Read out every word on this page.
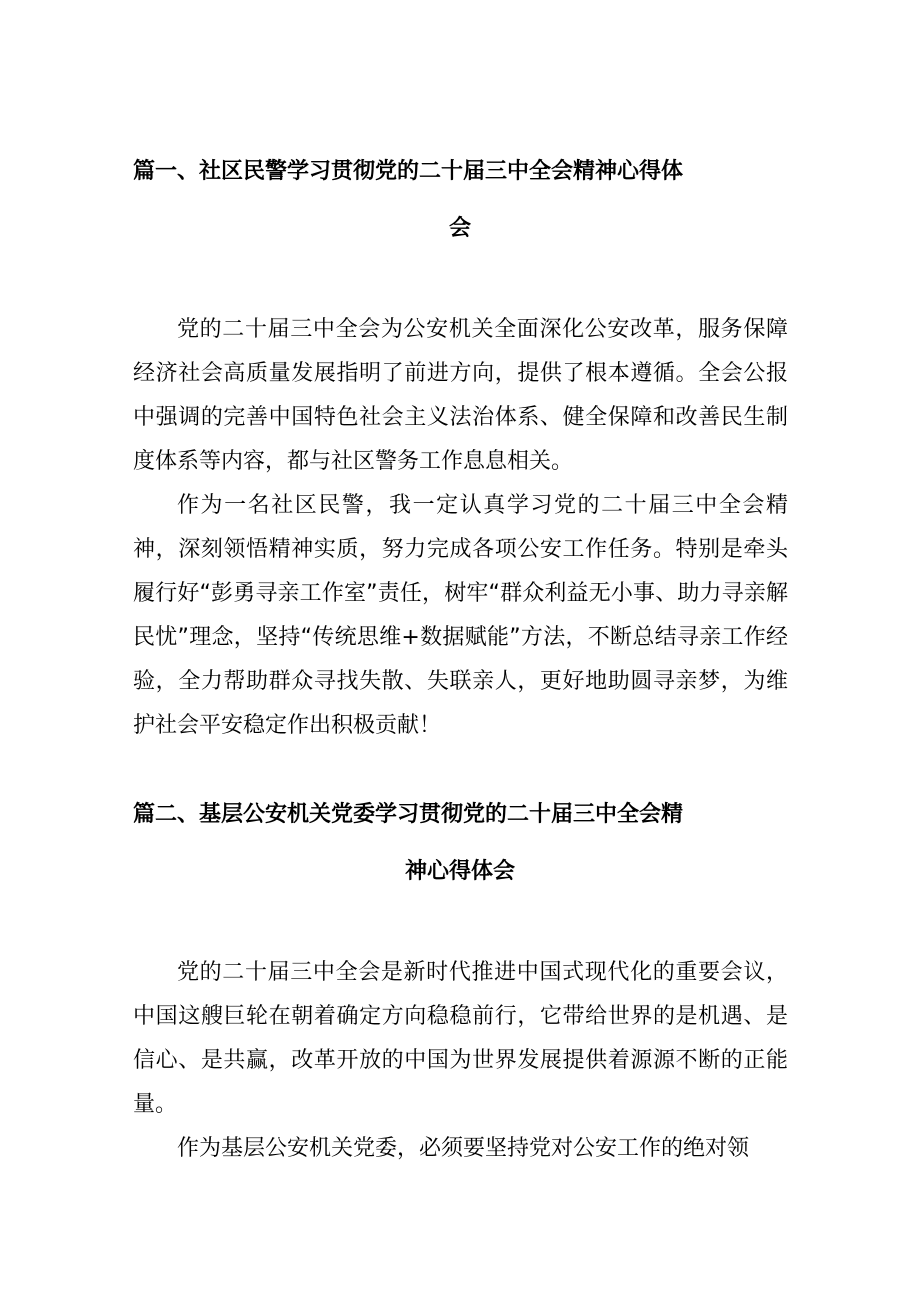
篇一、社区民警学习贯彻党的二十届三中全会精神心得体
会

党的二十届三中全会为公安机关全面深化公安改革，服务保障经济社会高质量发展指明了前进方向，提供了根本遵循。全会公报中强调的完善中国特色社会主义法治体系、健全保障和改善民生制度体系等内容，都与社区警务工作息息相关。

作为一名社区民警，我一定认真学习党的二十届三中全会精神，深刻领悟精神实质，努力完成各项公安工作任务。特别是牵头履行好“彭勇寻亲工作室”责任，树牢“群众利益无小事、助力寻亲解民忧”理念，坚持“传统思维+数据赋能”方法，不断总结寻亲工作经验，全力帮助群众寻找失散、失联亲人，更好地助圆寻亲梦，为维护社会平安稳定作出积极贡献！

篇二、基层公安机关党委学习贯彻党的二十届三中全会精
神心得体会

党的二十届三中全会是新时代推进中国式现代化的重要会议，中国这艘巨轮在朝着确定方向稳稳前行，它带给世界的是机遇、是信心、是共赢，改革开放的中国为世界发展提供着源源不断的正能量。

作为基层公安机关党委，必须要坚持党对公安工作的绝对领
